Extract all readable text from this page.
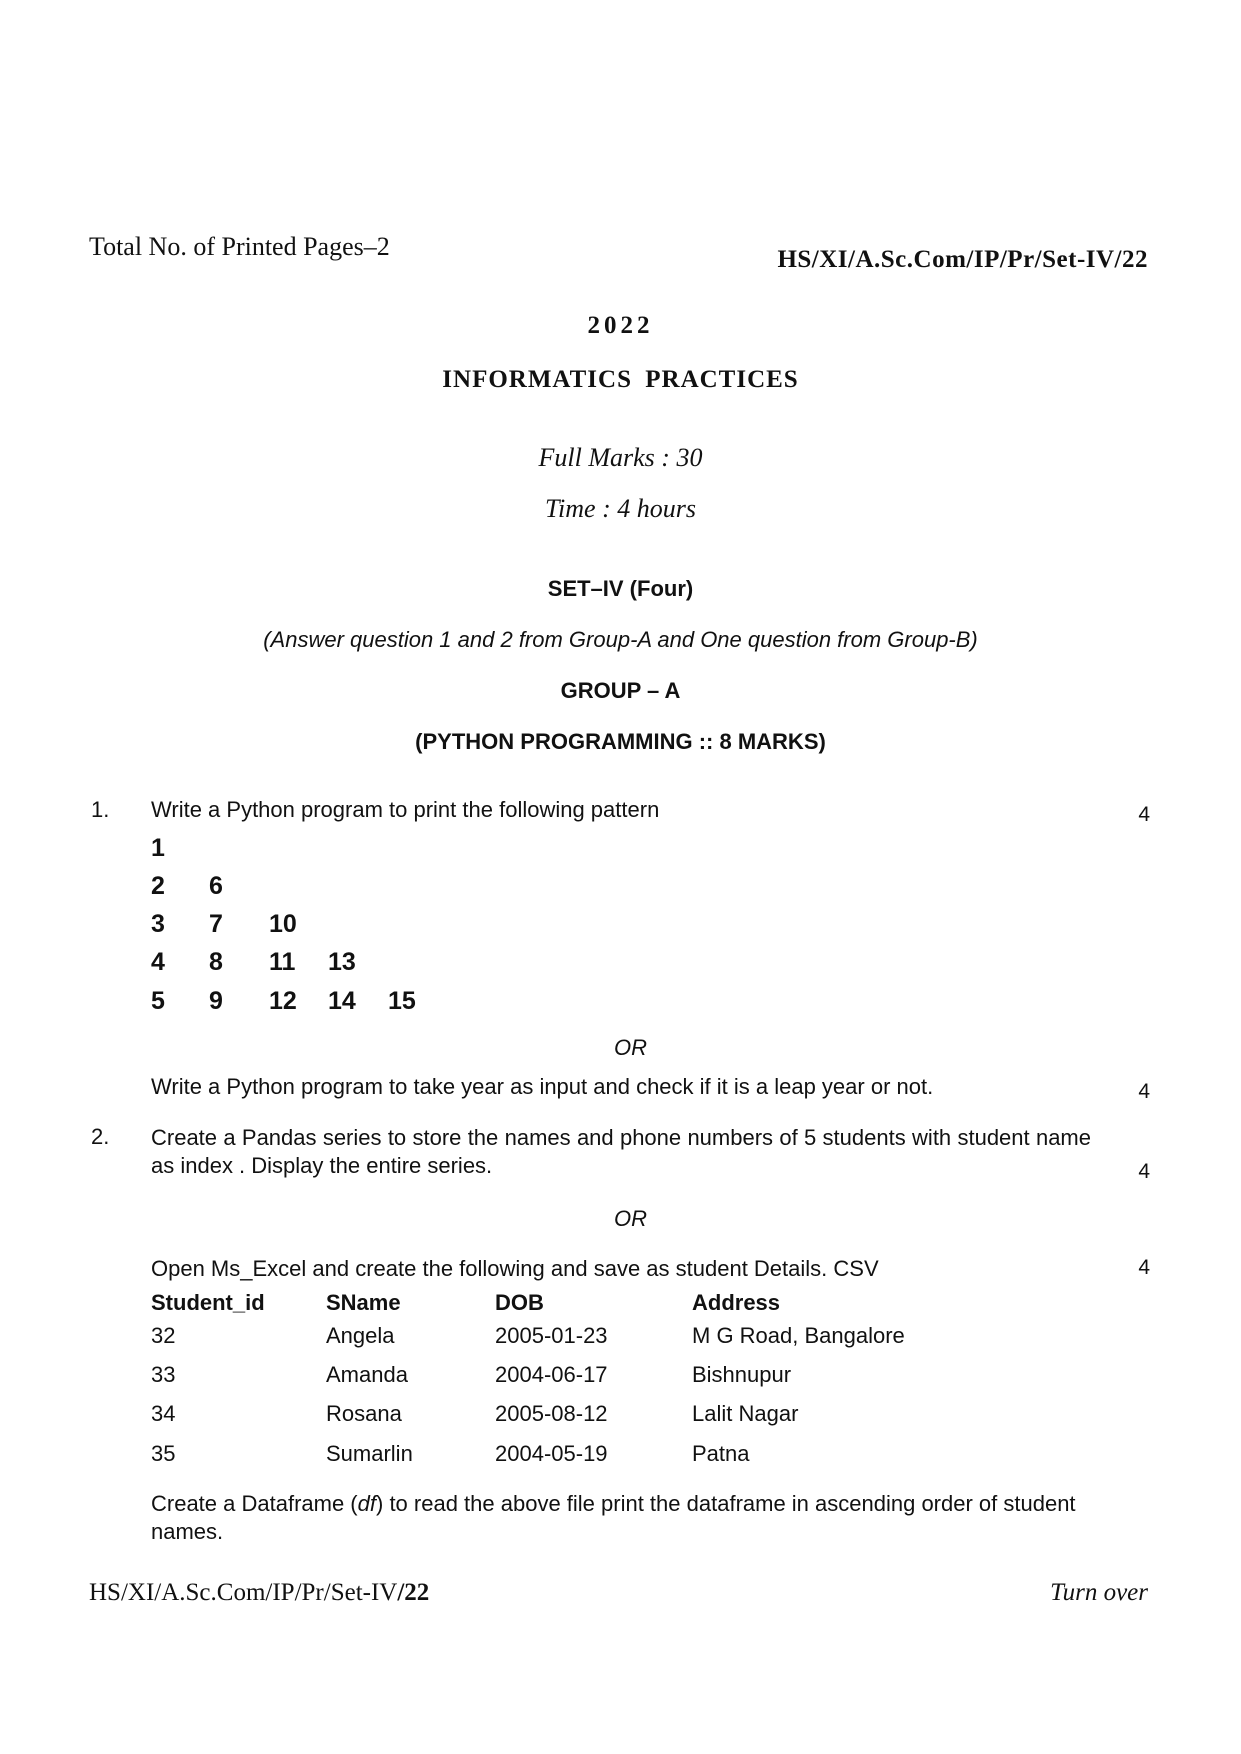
Total No. of Printed Pages–2	HS/XI/A.Sc.Com/IP/Pr/Set-IV/22
2022
INFORMATICS PRACTICES
Full Marks : 30
Time : 4 hours
SET–IV (Four)
(Answer question 1 and 2 from Group-A and One question from Group-B)
GROUP – A
(PYTHON PROGRAMMING :: 8 MARKS)
1. Write a Python program to print the following pattern	4
1
2 6
3 7 10
4 8 11 13
5 9 12 14 15
OR
Write a Python program to take year as input and check if it is a leap year or not.	4
2. Create a Pandas series to store the names and phone numbers of 5 students with student name as index . Display the entire series.	4
OR
Open Ms_Excel and create the following and save as student Details. CSV	4
Student_id	SName	DOB	Address
32	Angela	2005-01-23	M G Road, Bangalore
33	Amanda	2004-06-17	Bishnupur
34	Rosana	2005-08-12	Lalit Nagar
35	Sumarlin	2004-05-19	Patna
Create a Dataframe (df) to read the above file print the dataframe in ascending order of student names.
HS/XI/A.Sc.Com/IP/Pr/Set-IV/22	Turn over
